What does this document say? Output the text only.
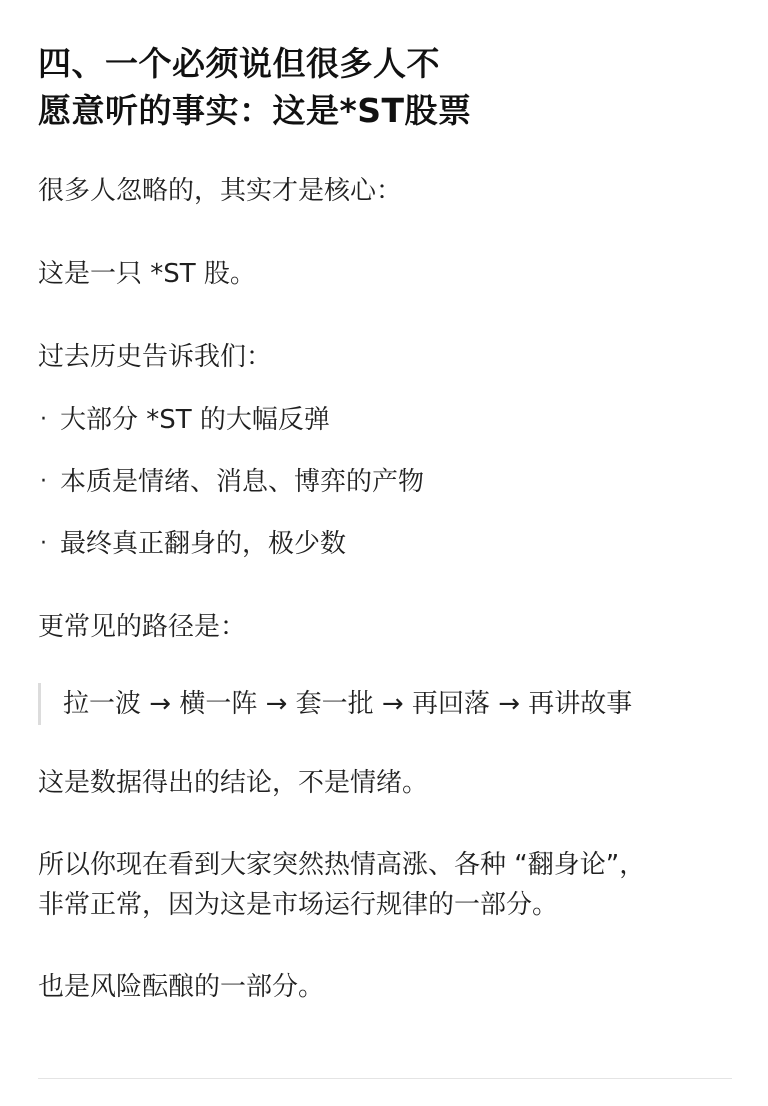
四、一个必须说但很多人不
愿意听的事实：这是*ST股票

很多人忽略的，其实才是核心：

这是一只 *ST 股。

过去历史告诉我们：

· 大部分 *ST 的大幅反弹
· 本质是情绪、消息、博弈的产物
· 最终真正翻身的，极少数

更常见的路径是：

拉一波 → 横一阵 → 套一批 → 再回落 → 再讲故事

这是数据得出的结论，不是情绪。

所以你现在看到大家突然热情高涨、各种 “翻身论”，
非常正常，因为这是市场运行规律的一部分。

也是风险酝酿的一部分。
